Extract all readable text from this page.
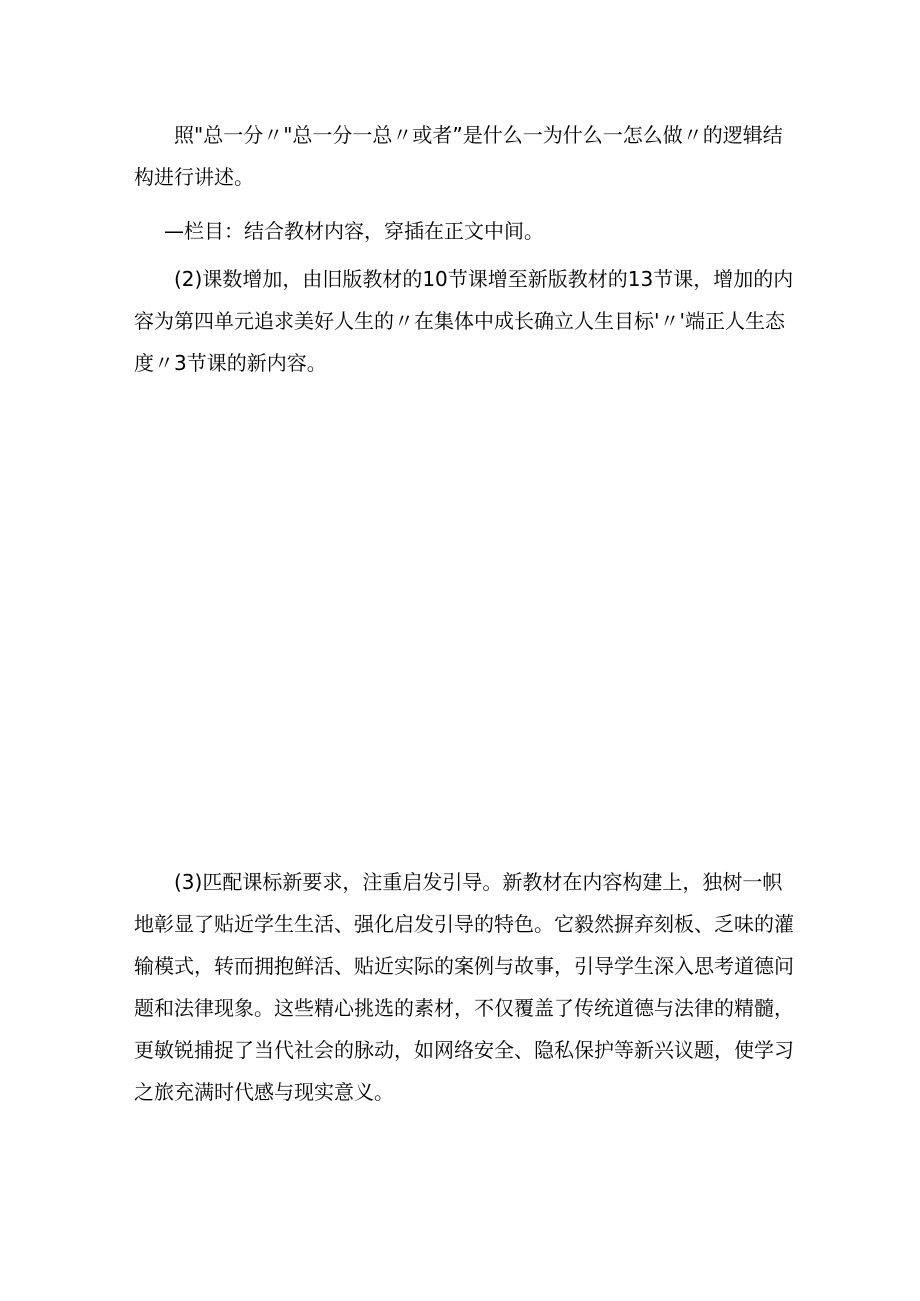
照"总一分〃"总一分一总〃或者”是什么一为什么一怎么做〃的逻辑结构进行讲述。

—栏目：结合教材内容，穿插在正文中间。

(2)课数增加，由旧版教材的10节课增至新版教材的13节课，增加的内容为第四单元追求美好人生的〃在集体中成长确立人生目标'〃'端正人生态度〃3节课的新内容。

(3)匹配课标新要求，注重启发引导。新教材在内容构建上，独树一帜地彰显了贴近学生生活、强化启发引导的特色。它毅然摒弃刻板、乏味的灌输模式，转而拥抱鲜活、贴近实际的案例与故事，引导学生深入思考道德问题和法律现象。这些精心挑选的素材，不仅覆盖了传统道德与法律的精髓，更敏锐捕捉了当代社会的脉动，如网络安全、隐私保护等新兴议题，使学习之旅充满时代感与现实意义。
